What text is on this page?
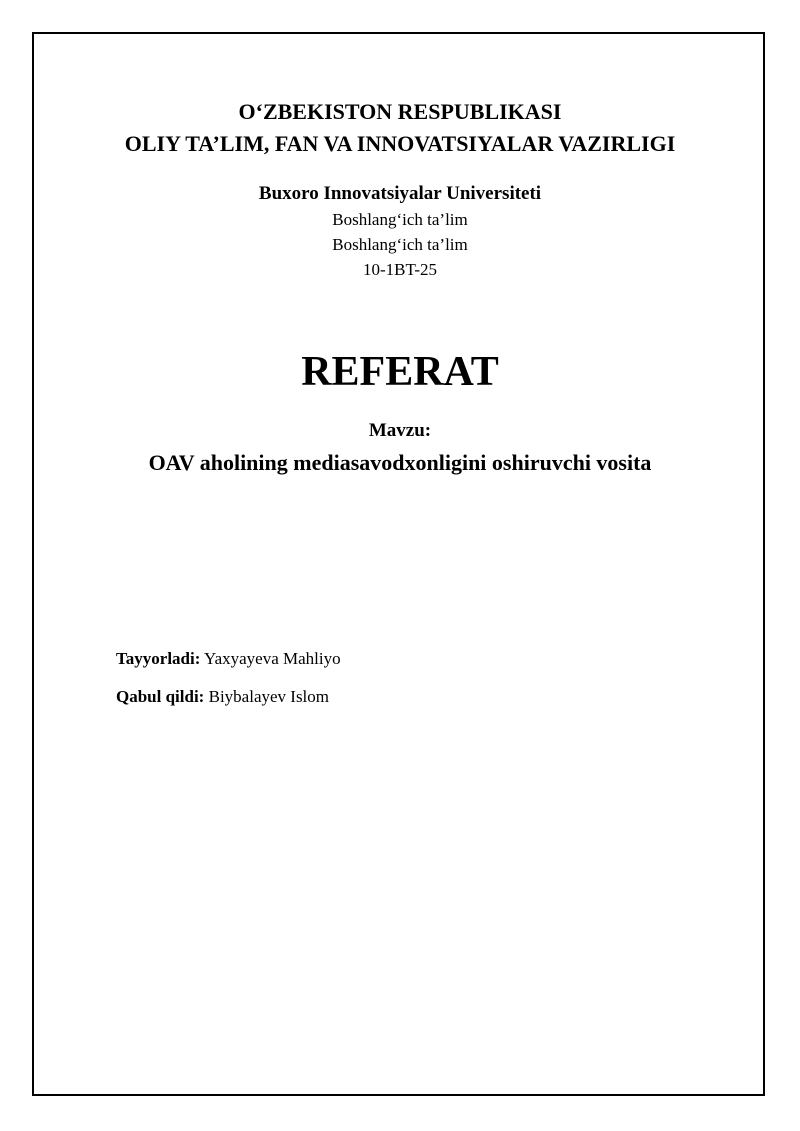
O‘ZBEKISTON RESPUBLIKASI
OLIY TA’LIM, FAN VA INNOVATSIYALAR VAZIRLIGI
Buxoro Innovatsiyalar Universiteti
Boshlang‘ich ta’lim
Boshlang‘ich ta’lim
10-1BT-25
REFERAT
Mavzu:
OAV aholining mediasavodxonligini oshiruvchi vosita
Tayyorladi: Yaxyayeva Mahliyo
Qabul qildi: Biybalayev Islom
